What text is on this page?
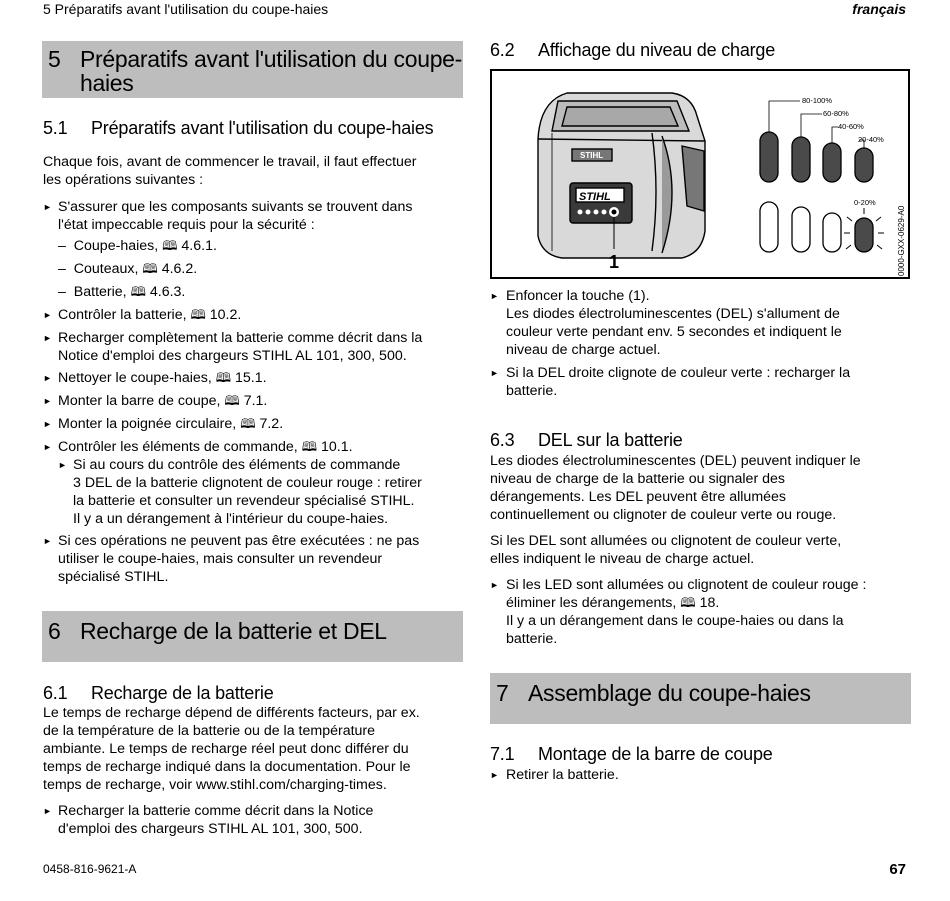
5 Préparatifs avant l'utilisation du coupe-haies	français
5 Préparatifs avant l'utilisation du coupe-
haies
5.1 Préparatifs avant l'utilisation du coupe-haies
Chaque fois, avant de commencer le travail, il faut effectuer
les opérations suivantes :
► S'assurer que les composants suivants se trouvent dans
l'état impeccable requis pour la sécurité :
–  Coupe-haies, 🕮 4.6.1.
–  Couteaux, 🕮 4.6.2.
–  Batterie, 🕮 4.6.3.
► Contrôler la batterie, 🕮 10.2.
► Recharger complètement la batterie comme décrit dans la
Notice d'emploi des chargeurs STIHL AL 101, 300, 500.
► Nettoyer le coupe-haies, 🕮 15.1.
► Monter la barre de coupe, 🕮 7.1.
► Monter la poignée circulaire, 🕮 7.2.
► Contrôler les éléments de commande, 🕮 10.1.
► Si au cours du contrôle des éléments de commande
3 DEL de la batterie clignotent de couleur rouge : retirer
la batterie et consulter un revendeur spécialisé STIHL.
Il y a un dérangement à l'intérieur du coupe-haies.
► Si ces opérations ne peuvent pas être exécutées : ne pas
utiliser le coupe-haies, mais consulter un revendeur
spécialisé STIHL.
6 Recharge de la batterie et DEL
6.1 Recharge de la batterie
Le temps de recharge dépend de différents facteurs, par ex.
de la température de la batterie ou de la température
ambiante. Le temps de recharge réel peut donc différer du
temps de recharge indiqué dans la documentation. Pour le
temps de recharge, voir www.stihl.com/charging-times.
► Recharger la batterie comme décrit dans la Notice
d'emploi des chargeurs STIHL AL 101, 300, 500.
6.2 Affichage du niveau de charge
STIHL
STIHL
1
80-100%
60-80%
40-60%
20-40%
0-20%
0000-GXX-0629-A0
► Enfoncer la touche (1).
Les diodes électroluminescentes (DEL) s'allument de
couleur verte pendant env. 5 secondes et indiquent le
niveau de charge actuel.
► Si la DEL droite clignote de couleur verte : recharger la
batterie.
6.3 DEL sur la batterie
Les diodes électroluminescentes (DEL) peuvent indiquer le
niveau de charge de la batterie ou signaler des
dérangements. Les DEL peuvent être allumées
continuellement ou clignoter de couleur verte ou rouge.
Si les DEL sont allumées ou clignotent de couleur verte,
elles indiquent le niveau de charge actuel.
► Si les LED sont allumées ou clignotent de couleur rouge :
éliminer les dérangements, 🕮 18.
Il y a un dérangement dans le coupe-haies ou dans la
batterie.
7 Assemblage du coupe-haies
7.1 Montage de la barre de coupe
► Retirer la batterie.
0458-816-9621-A	67
